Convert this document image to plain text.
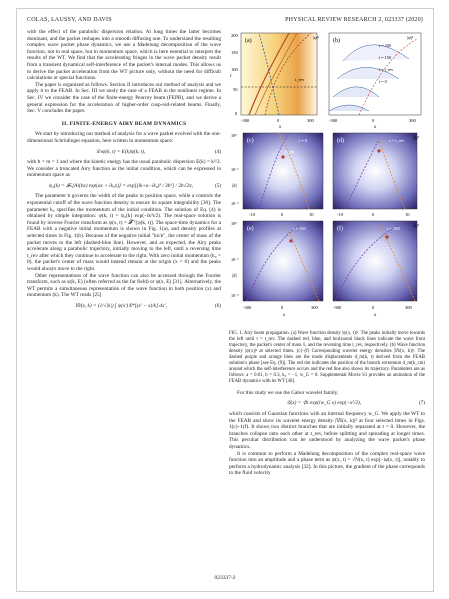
COLAS, LAUSSY, AND DAVIS	PHYSICAL REVIEW RESEARCH 2, 023337 (2020)

with the effect of the parabolic dispersion relation. At long times the latter becomes dominant, and the packet reshapes into a smooth diffusing one. To understand the resulting complex wave packet phase dynamics, we use a Madelung decomposition of the wave function, not in real space, but in momentum space, which is here essential to interpret the results of the WT. We find that the accelerating fringes in the wave packet density result from a transient dynamical self-interference of the packet's internal modes. This allows us to derive the packet acceleration from the WT picture only, without the need for difficult calculations or special functions.

The paper is organized as follows. Section II introduces our method of analysis and we apply it to the FEAB. In Sec. III we study the case of a FEAB in the nonlinear regime. In Sec. IV we consider the case of the finite-energy Pearcey beam (FEPB), and we derive a general expression for the acceleration of higher-order cusp-oid-related beams. Finally, Sec. V concludes the paper.

II. FINITE-ENERGY AIRY BEAM DYNAMICS

We start by introducing our method of analysis for a wave packet evolved with the one-dimensional Schrödinger equation, here written in momentum space:

i∂ₜψ(k, t) = E(k)ψ(k, t),	(4)

with ħ = m = 1 and where the kinetic energy has the usual parabolic dispersion E(k) = k²/2. We consider a truncated Airy function as the initial condition, which can be expressed in momentum space as

ψ₀(k) = 𝓕ₖ[Ai(bx) exp(ax + ik₀x)] = exp[(ik+a−ik₀)³ / 3b³] / 2b√2π,	(5)

The parameter b governs the width of the peaks in position space, while a controls the exponential cutoff of the wave function density to ensure its square integrability [30]. The parameter k₀ specifies the momentum of the initial condition. The solution of Eq. (4) is obtained by simple integration: ψ(k, t) = ψ₀(k) exp(−ik²t/2). The real-space solution is found by inverse Fourier transform as ψ(x, t) = 𝓕⁻¹[ψ(k, t)]. The space-time dynamics for a FEAB with a negative initial momentum is shown in Fig. 1(a), and density profiles at selected times in Fig. 1(b). Because of the negative initial "kick", the center of mass of the packet moves to the left (dashed-blue line). However, and as expected, the Airy peaks accelerate along a parabolic trajectory, initially moving to the left, until a reversing time t_rev after which they continue to accelerate to the right. With zero initial momentum (k₀ = 0), the packet's center of mass would instead remain at the origin (x = 0) and the peaks would always move to the right.

Other representations of the wave function can also be accessed through the Fourier transform, such as ψ(k, E) (often referred as the far field) or ψ(x, E) [31]. Alternatively, the WT permits a simultaneous representation of the wave function in both position (x) and momentum (k). The WT reads [25]

𝕎(x, k) = (1/√|k|) ∫ ψ(x′)𝒢*[(x′ − x)/k] dx′,	(6)
(a)
t_rev
200
150
100
50
0
t
-300	0	300
x
|ψ|²
(b)
t = 200
t = 150
t = t_rev
t = 0
|ψ|²
-300	0	300
x
(c)	t = 0
k_cm
10⁰
10⁻¹
10⁻²
|k|
-10	0	10
(d)	t = t_rev
|ψ|²
-10	0	10
(e)	t = 150
10⁰
10⁻¹
10⁻²
|k|
-300	0	300
x
(f)	t = 200
|ψ|²
-300	0	300
x

FIG. 1. Airy beam propagation. (a) Wave function density |ψ(x, t)|². The peaks initially move towards the left until t = t_rev. The dashed red, blue, and horizontal black lines indicate the wave front trajectory, the packet's center of mass x̄, and the reversing time t_rev, respectively. (b) Wave function density |ψ(x)|² at selected times. (c)–(f) Corresponding wavelet energy densities |𝕎(x, k)|². The dashed purple and orange lines are the mode displacements d_m(k, t) derived from the FEAB solution's phase [see Eq. (9)]. The red dot indicates the position of the branch extremum d_m(k_cm) around which the self-interference occurs and the red line also shows its trajectory. Parameters are as follows: a = 0.01, b = 0.3, k₀ = −1, w_G = 8. Supplemental Movie S1 provides an animation of the FEAB dynamics with its WT [40].

For this study we use the Gabor wavelet family,

𝒢(x) = ∜π exp(iw_G x) exp(−x²/2),	(7)

which consists of Gaussian functions with an internal frequency w_G. We apply the WT to the FEAB and show its wavelet energy density |𝕎(x, k)|² at four selected times in Figs. 1(c)–1(f). It shows two distinct branches that are initially separated at t = 0. However, the branches collapse onto each other at t_rev, before splitting and spreading at longer times. This peculiar distribution can be understood by analyzing the wave packet's phase dynamics.

It is common to perform a Madelung decomposition of the complex real-space wave function into an amplitude and a phase term as ψ(x, t) = √N(x, t) exp[−iφ(x, t)], notably to perform a hydrodynamic analysis [32]. In this picture, the gradient of the phase corresponds to the fluid velocity

023337-2
